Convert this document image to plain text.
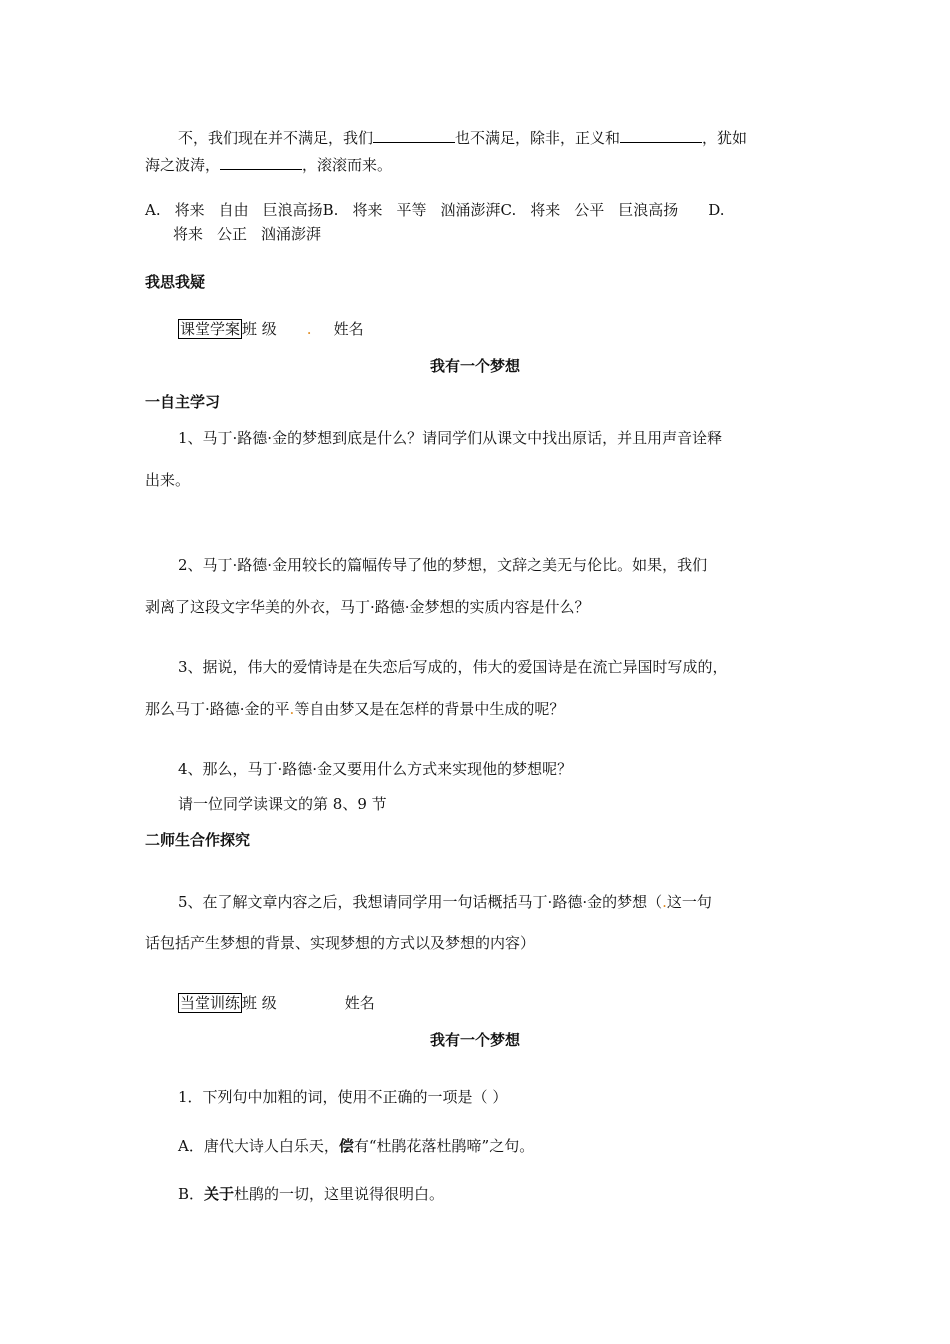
不，我们现在并不满足，我们	也不满足，除非，正义和	，犹如
海之波涛，	，滚滚而来。
A. 将来 自由 巨浪高扬B. 将来 平等 汹涌澎湃C. 将来 公平 巨浪高扬 D.
将来 公正 汹涌澎湃
我思我疑
课堂学案 班 级 . 姓名
我有一个梦想
一自主学习
1、马丁·路德·金的梦想到底是什么？请同学们从课文中找出原话，并且用声音诠释
出来。
2、马丁·路德·金用较长的篇幅传导了他的梦想，文辞之美无与伦比。如果，我们
剥离了这段文字华美的外衣，马丁·路德·金梦想的实质内容是什么？
3、据说，伟大的爱情诗是在失恋后写成的，伟大的爱国诗是在流亡异国时写成的，
那么马丁·路德·金的平.等自由梦又是在怎样的背景中生成的呢？
4、那么，马丁·路德·金又要用什么方式来实现他的梦想呢？
请一位同学读课文的第 8、9 节
二师生合作探究
5、在了解文章内容之后，我想请同学用一句话概括马丁·路德·金的梦想（.这一句
话包括产生梦想的背景、实现梦想的方式以及梦想的内容）
当堂训练 班 级	姓名
我有一个梦想
1．下列句中加粗的词，使用不正确的一项是（ ）
A．唐代大诗人白乐天，偿有“杜鹃花落杜鹃啼”之句。
B．关于杜鹃的一切，这里说得很明白。
